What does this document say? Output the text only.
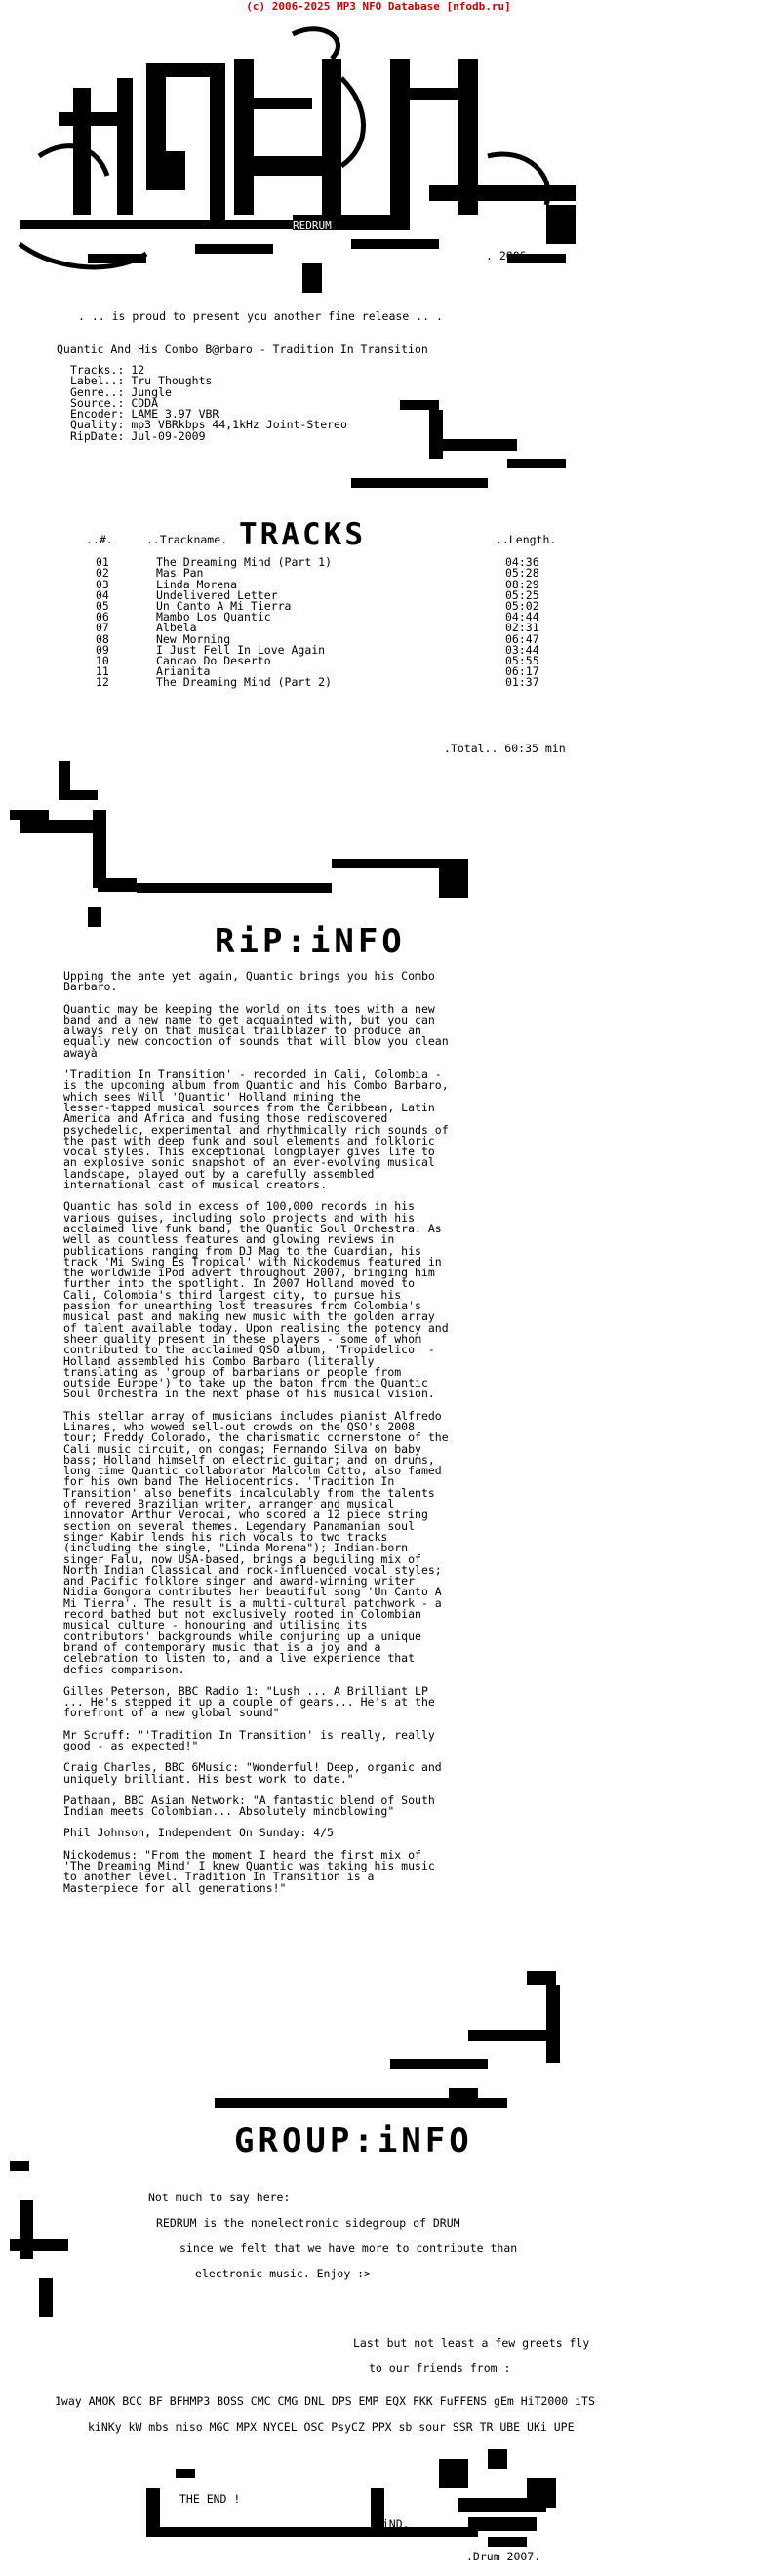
(c) 2006-2025 MP3 NFO Database [nfodb.ru]
REDRUM
. 2006 .
. .. is proud to present you another fine release .. .
Quantic And His Combo B@rbaro - Tradition In Transition
Tracks.: 12
Label..: Tru Thoughts
Genre..: Jungle
Source.: CDDA
Encoder: LAME 3.97 VBR
Quality: mp3 VBRkbps 44,1kHz Joint-Stereo
RipDate: Jul-09-2009
TRACKS
..#.	..Trackname.	..Length.
01	The Dreaming Mind (Part 1)	04:36
02	Mas Pan	05:28
03	Linda Morena	08:29
04	Undelivered Letter	05:25
05	Un Canto A Mi Tierra	05:02
06	Mambo Los Quantic	04:44
07	Albela	02:31
08	New Morning	06:47
09	I Just Fell In Love Again	03:44
10	Cancao Do Deserto	05:55
11	Arianita	06:17
12	The Dreaming Mind (Part 2)	01:37
.Total.. 60:35 min
RiP:iNFO

Upping the ante yet again, Quantic brings you his Combo
Barbaro.

Quantic may be keeping the world on its toes with a new
band and a new name to get acquainted with, but you can
always rely on that musical trailblazer to produce an
equally new concoction of sounds that will blow you clean
awayà

'Tradition In Transition' - recorded in Cali, Colombia -
is the upcoming album from Quantic and his Combo Barbaro,
which sees Will 'Quantic' Holland mining the
lesser-tapped musical sources from the Caribbean, Latin
America and Africa and fusing those rediscovered
psychedelic, experimental and rhythmically rich sounds of
the past with deep funk and soul elements and folkloric
vocal styles. This exceptional longplayer gives life to
an explosive sonic snapshot of an ever-evolving musical
landscape, played out by a carefully assembled
international cast of musical creators.

Quantic has sold in excess of 100,000 records in his
various guises, including solo projects and with his
acclaimed live funk band, the Quantic Soul Orchestra. As
well as countless features and glowing reviews in
publications ranging from DJ Mag to the Guardian, his
track 'Mi Swing Es Tropical' with Nickodemus featured in
the worldwide iPod advert throughout 2007, bringing him
further into the spotlight. In 2007 Holland moved to
Cali, Colombia's third largest city, to pursue his
passion for unearthing lost treasures from Colombia's
musical past and making new music with the golden array
of talent available today. Upon realising the potency and
sheer quality present in these players - some of whom
contributed to the acclaimed QSO album, 'Tropidelico' -
Holland assembled his Combo Barbaro (literally
translating as 'group of barbarians or people from
outside Europe') to take up the baton from the Quantic
Soul Orchestra in the next phase of his musical vision.

This stellar array of musicians includes pianist Alfredo
Linares, who wowed sell-out crowds on the QSO's 2008
tour; Freddy Colorado, the charismatic cornerstone of the
Cali music circuit, on congas; Fernando Silva on baby
bass; Holland himself on electric guitar; and on drums,
long time Quantic collaborator Malcolm Catto, also famed
for his own band The Heliocentrics. 'Tradition In
Transition' also benefits incalculably from the talents
of revered Brazilian writer, arranger and musical
innovator Arthur Verocai, who scored a 12 piece string
section on several themes. Legendary Panamanian soul
singer Kabir lends his rich vocals to two tracks
(including the single, "Linda Morena"); Indian-born
singer Falu, now USA-based, brings a beguiling mix of
North Indian Classical and rock-influenced vocal styles;
and Pacific folklore singer and award-winning writer
Nidia Gongora contributes her beautiful song 'Un Canto A
Mi Tierra'. The result is a multi-cultural patchwork - a
record bathed but not exclusively rooted in Colombian
musical culture - honouring and utilising its
contributors' backgrounds while conjuring up a unique
brand of contemporary music that is a joy and a
celebration to listen to, and a live experience that
defies comparison.

Gilles Peterson, BBC Radio 1: "Lush ... A Brilliant LP
... He's stepped it up a couple of gears... He's at the
forefront of a new global sound"

Mr Scruff: "'Tradition In Transition' is really, really
good - as expected!"

Craig Charles, BBC 6Music: "Wonderful! Deep, organic and
uniquely brilliant. His best work to date."

Pathaan, BBC Asian Network: "A fantastic blend of South
Indian meets Colombian... Absolutely mindblowing"

Phil Johnson, Independent On Sunday: 4/5

Nickodemus: "From the moment I heard the first mix of
'The Dreaming Mind' I knew Quantic was taking his music
to another level. Tradition In Transition is a
Masterpiece for all generations!"

GROUP:iNFO
Not much to say here:
REDRUM is the nonelectronic sidegroup of DRUM
since we felt that we have more to contribute than
electronic music. Enjoy :>
Last but not least a few greets fly
to our friends from :
1way AMOK BCC BF BFHMP3 BOSS CMC CMG DNL DPS EMP EQX FKK FuFFENS gEm HiT2000 iTS
kiNKy kW mbs miso MGC MPX NYCEL OSC PsyCZ PPX sb sour SSR TR UBE UKi UPE
THE END !
.KiND.
.Drum 2007.
